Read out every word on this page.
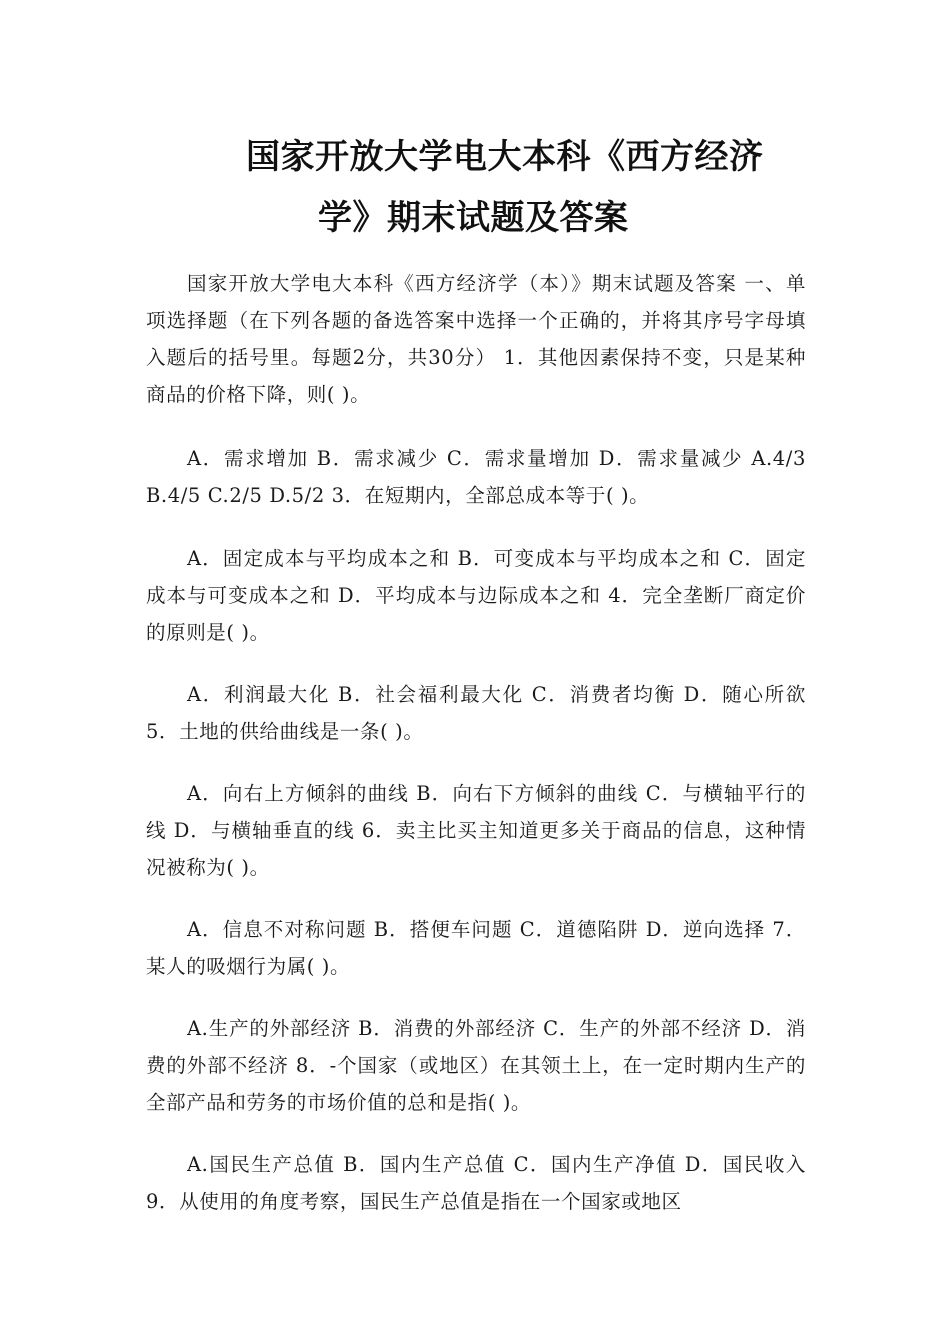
国家开放大学电大本科《西方经济
学》期末试题及答案
国家开放大学电大本科《西方经济学（本）》期末试题及答案 一、单项选择题（在下列各题的备选答案中选择一个正确的，并将其序号字母填入题后的括号里。每题2分，共30分） 1．其他因素保持不变，只是某种商品的价格下降，则( )。
A．需求增加 B．需求减少 C．需求量增加 D．需求量减少 A.4/3 B.4/5 C.2/5 D.5/2 3．在短期内，全部总成本等于( )。
A．固定成本与平均成本之和 B．可变成本与平均成本之和 C．固定成本与可变成本之和 D．平均成本与边际成本之和 4．完全垄断厂商定价的原则是( )。
A．利润最大化 B．社会福利最大化 C．消费者均衡 D．随心所欲 5．土地的供给曲线是一条( )。
A．向右上方倾斜的曲线 B．向右下方倾斜的曲线 C．与横轴平行的线 D．与横轴垂直的线 6．卖主比买主知道更多关于商品的信息，这种情况被称为( )。
A．信息不对称问题 B．搭便车问题 C．道德陷阱 D．逆向选择 7．某人的吸烟行为属( )。
A.生产的外部经济 B．消费的外部经济 C．生产的外部不经济 D．消费的外部不经济 8．-个国家（或地区）在其领土上，在一定时期内生产的全部产品和劳务的市场价值的总和是指( )。
A.国民生产总值 B．国内生产总值 C．国内生产净值 D．国民收入 9．从使用的角度考察，国民生产总值是指在一个国家或地区
